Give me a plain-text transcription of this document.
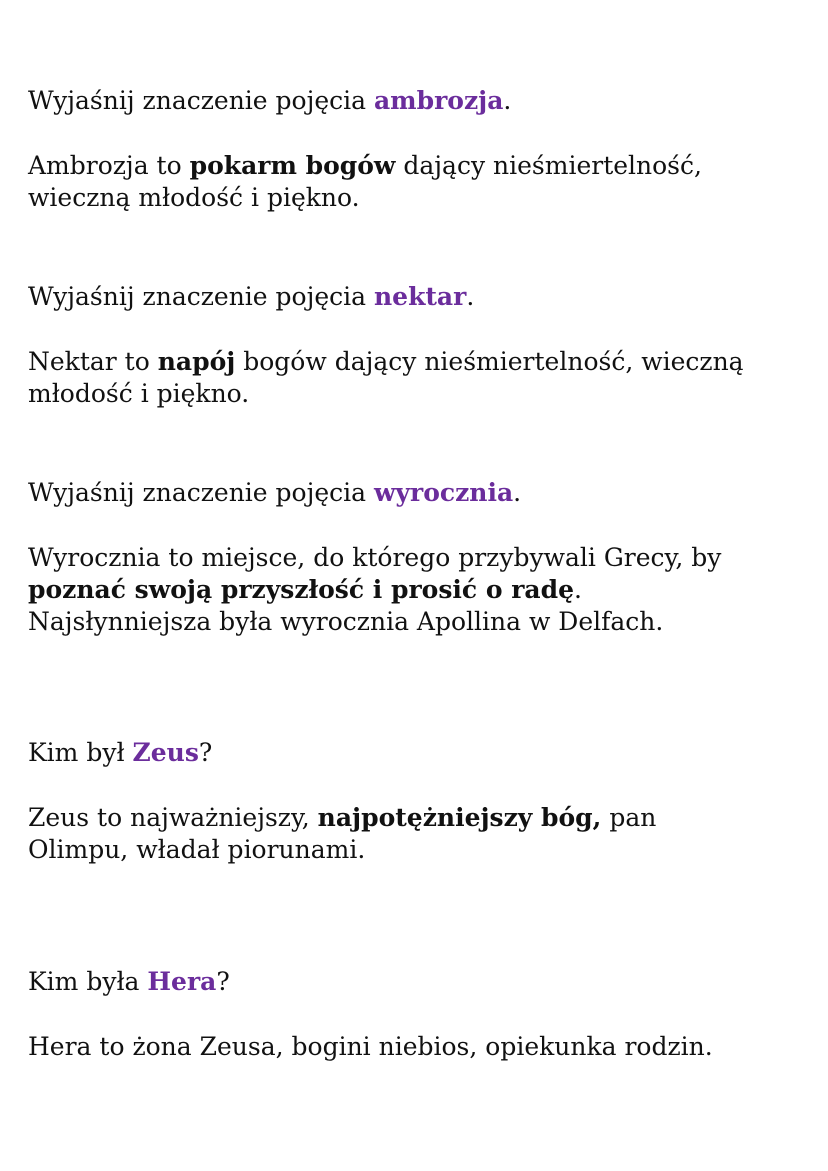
Wyjaśnij znaczenie pojęcia ambrozja.
Ambrozja to pokarm bogów dający nieśmiertelność,
wieczną młodość i piękno.
Wyjaśnij znaczenie pojęcia nektar.
Nektar to napój bogów dający nieśmiertelność, wieczną
młodość i piękno.
Wyjaśnij znaczenie pojęcia wyrocznia.
Wyrocznia to miejsce, do którego przybywali Grecy, by
poznać swoją przyszłość i prosić o radę.
Najsłynniejsza była wyrocznia Apollina w Delfach.
Kim był Zeus?
Zeus to najważniejszy, najpotężniejszy bóg, pan
Olimpu, władał piorunami.
Kim była Hera?
Hera to żona Zeusa, bogini niebios, opiekunka rodzin.
